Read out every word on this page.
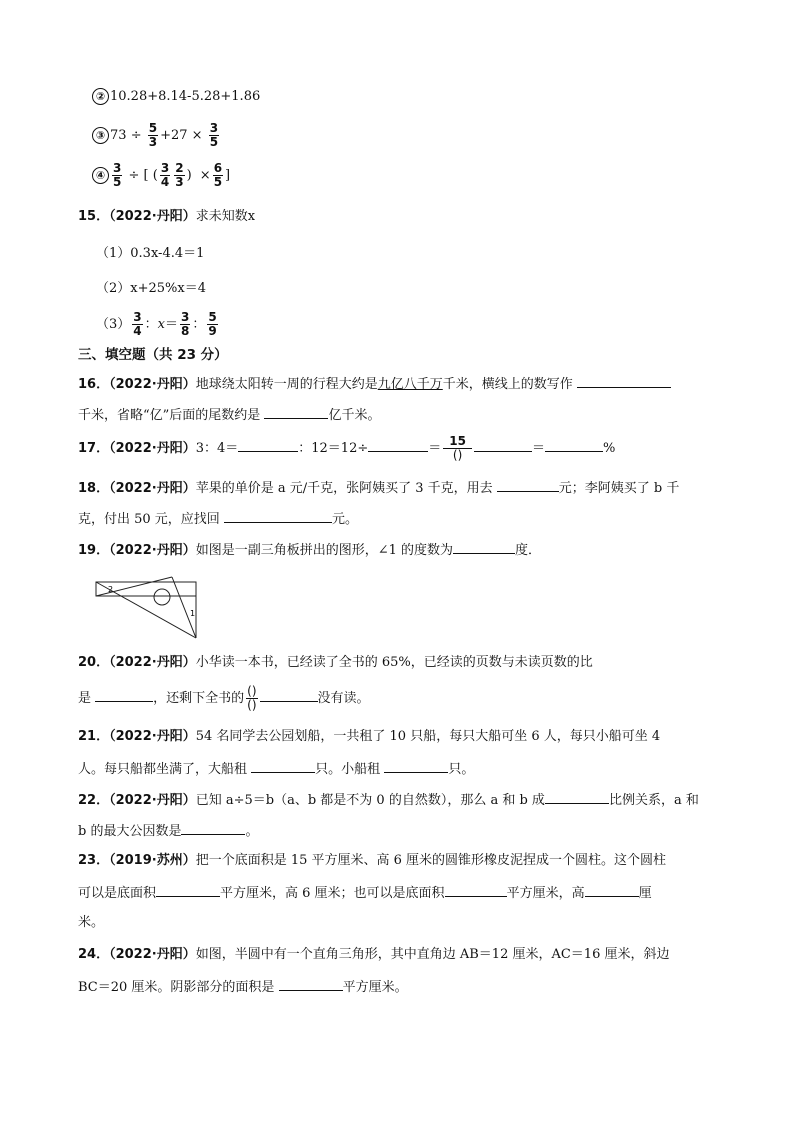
② 10.28+8.14-5.28+1.86
③ $73 \div \frac{5}{3} +27 \times \frac{3}{5}$
④ $\frac{3}{5}$ ÷ [ ( $\frac{3}{4} \frac{2}{3}$ ) × $\frac{6}{5}$ ]
15．（2022·丹阳）求未知数x
（1）0.3x-4.4＝1
（2）x+25%x＝4
$(3) \frac{3}{4}$ ：$x= \frac{3}{8}$ ： $\frac{5}{9}$
三、填空题（共 23 分）
16．（2022·丹阳）地球绕太阳转一周的行程大约是九亿八千万千米，横线上的数写作
千米，省略“亿”后面的尾数约是	亿千米。
17．（2022·丹阳）3：4＝	：12＝12÷	＝ $\frac{15}{()}$	＝	%
18．（2022·丹阳）苹果的单价是 a 元/千克，张阿姨买了 3 千克，用去	元；李阿姨买了 b 千
克，付出 50 元，应找回	元。
19．（2022·丹阳）如图是一副三角板拼出的图形，∠1 的度数为	度．
2
1
20．（2022·丹阳）小华读一本书，已经读了全书的 65%，已经读的页数与未读页数的比
是	，还剩下全书的 $\frac{()}{()}$	没有读。
21．（2022·丹阳）54 名同学去公园划船，一共租了 10 只船，每只大船可坐 6 人，每只小船可坐 4
人。每只船都坐满了，大船租	只。小船租	只。
22．（2022·丹阳）已知 a÷5＝b（a、b 都是不为 0 的自然数），那么 a 和 b 成	比例关系，a 和
b 的最大公因数是	。
23．（2019·苏州）把一个底面积是 15 平方厘米、高 6 厘米的圆锥形橡皮泥捏成一个圆柱。这个圆柱
可以是底面积	平方厘米，高 6 厘米；也可以是底面积	平方厘米，高	厘
米。
24．（2022·丹阳）如图，半圆中有一个直角三角形，其中直角边 AB＝12 厘米，AC＝16 厘米，斜边
BC＝20 厘米。阴影部分的面积是	平方厘米。
